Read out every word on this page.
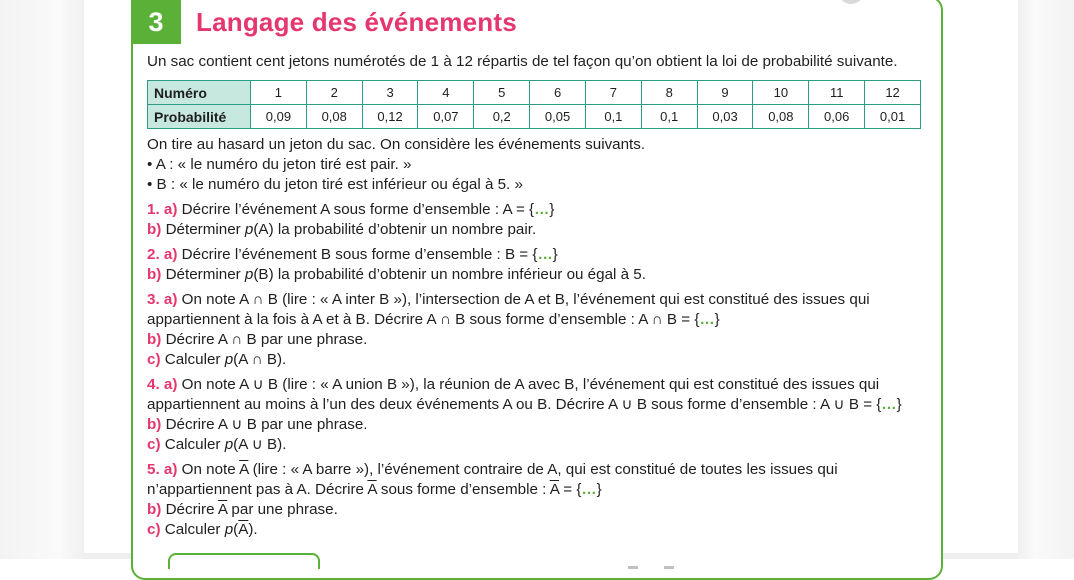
3	Langage des événements

Un sac contient cent jetons numérotés de 1 à 12 répartis de tel façon qu’on obtient la loi de probabilité suivante.

Numéro	1	2	3	4	5	6	7	8	9	10	11	12
Probabilité	0,09	0,08	0,12	0,07	0,2	0,05	0,1	0,1	0,03	0,08	0,06	0,01

On tire au hasard un jeton du sac. On considère les événements suivants.

• A : « le numéro du jeton tiré est pair. »

• B : « le numéro du jeton tiré est inférieur ou égal à 5. »

1. a) Décrire l’événement A sous forme d’ensemble : A = {…}

b) Déterminer p(A) la probabilité d’obtenir un nombre pair.

2. a) Décrire l’événement B sous forme d’ensemble : B = {…}

b) Déterminer p(B) la probabilité d’obtenir un nombre inférieur ou égal à 5.

3. a) On note A ∩ B (lire : « A inter B »), l’intersection de A et B, l’événement qui est constitué des issues qui

appartiennent à la fois à A et à B. Décrire A ∩ B sous forme d’ensemble : A ∩ B = {…}

b) Décrire A ∩ B par une phrase.

c) Calculer p(A ∩ B).

4. a) On note A ∪ B (lire : « A union B »), la réunion de A avec B, l’événement qui est constitué des issues qui

appartiennent au moins à l’un des deux événements A ou B. Décrire A ∪ B sous forme d’ensemble : A ∪ B = {…}

b) Décrire A ∪ B par une phrase.

c) Calculer p(A ∪ B).

5. a) On note $\overline{A}$ (lire : « A barre »), l’événement contraire de A, qui est constitué de toutes les issues qui

n’appartiennent pas à A. Décrire $\overline{A}$ sous forme d’ensemble : $\overline{A}$ = {…}

b) Décrire $\overline{A}$ par une phrase.

c) Calculer $p(\overline{A})$.
